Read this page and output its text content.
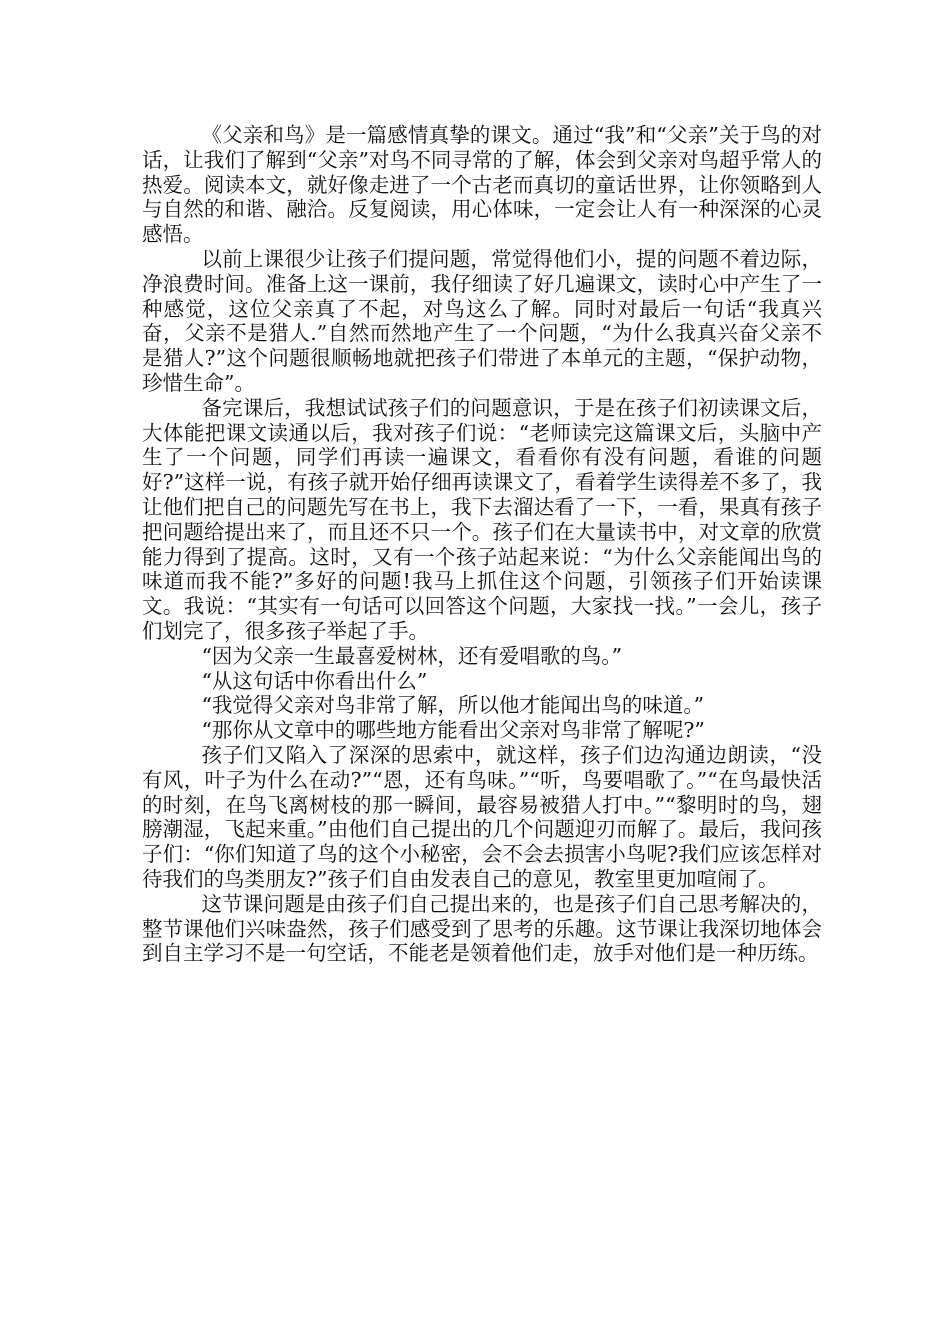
《父亲和鸟》是一篇感情真挚的课文。通过“我”和“父亲”关于鸟的对话，让我们了解到“父亲”对鸟不同寻常的了解，体会到父亲对鸟超乎常人的热爱。阅读本文，就好像走进了一个古老而真切的童话世界，让你领略到人与自然的和谐、融洽。反复阅读，用心体味，一定会让人有一种深深的心灵感悟。

以前上课很少让孩子们提问题，常觉得他们小，提的问题不着边际，净浪费时间。准备上这一课前，我仔细读了好几遍课文，读时心中产生了一种感觉，这位父亲真了不起，对鸟这么了解。同时对最后一句话“我真兴奋，父亲不是猎人.”自然而然地产生了一个问题，“为什么我真兴奋父亲不是猎人?”这个问题很顺畅地就把孩子们带进了本单元的主题，“保护动物，珍惜生命”。

备完课后，我想试试孩子们的问题意识，于是在孩子们初读课文后，大体能把课文读通以后，我对孩子们说：“老师读完这篇课文后，头脑中产生了一个问题，同学们再读一遍课文，看看你有没有问题，看谁的问题好?”这样一说，有孩子就开始仔细再读课文了，看着学生读得差不多了，我让他们把自己的问题先写在书上，我下去溜达看了一下，一看，果真有孩子把问题给提出来了，而且还不只一个。孩子们在大量读书中，对文章的欣赏能力得到了提高。这时，又有一个孩子站起来说：“为什么父亲能闻出鸟的味道而我不能?”多好的问题!我马上抓住这个问题，引领孩子们开始读课文。我说：“其实有一句话可以回答这个问题，大家找一找。”一会儿，孩子们划完了，很多孩子举起了手。

“因为父亲一生最喜爱树林，还有爱唱歌的鸟。”

“从这句话中你看出什么”

“我觉得父亲对鸟非常了解，所以他才能闻出鸟的味道。”

“那你从文章中的哪些地方能看出父亲对鸟非常了解呢?”

孩子们又陷入了深深的思索中，就这样，孩子们边沟通边朗读，“没有风，叶子为什么在动?”“恩，还有鸟味。”“听，鸟要唱歌了。”“在鸟最快活的时刻，在鸟飞离树枝的那一瞬间，最容易被猎人打中。”“黎明时的鸟，翅膀潮湿，飞起来重。”由他们自己提出的几个问题迎刃而解了。最后，我问孩子们：“你们知道了鸟的这个小秘密，会不会去损害小鸟呢?我们应该怎样对待我们的鸟类朋友?”孩子们自由发表自己的意见，教室里更加喧闹了。

这节课问题是由孩子们自己提出来的，也是孩子们自己思考解决的，整节课他们兴味盎然，孩子们感受到了思考的乐趣。这节课让我深切地体会到自主学习不是一句空话，不能老是领着他们走，放手对他们是一种历练。
